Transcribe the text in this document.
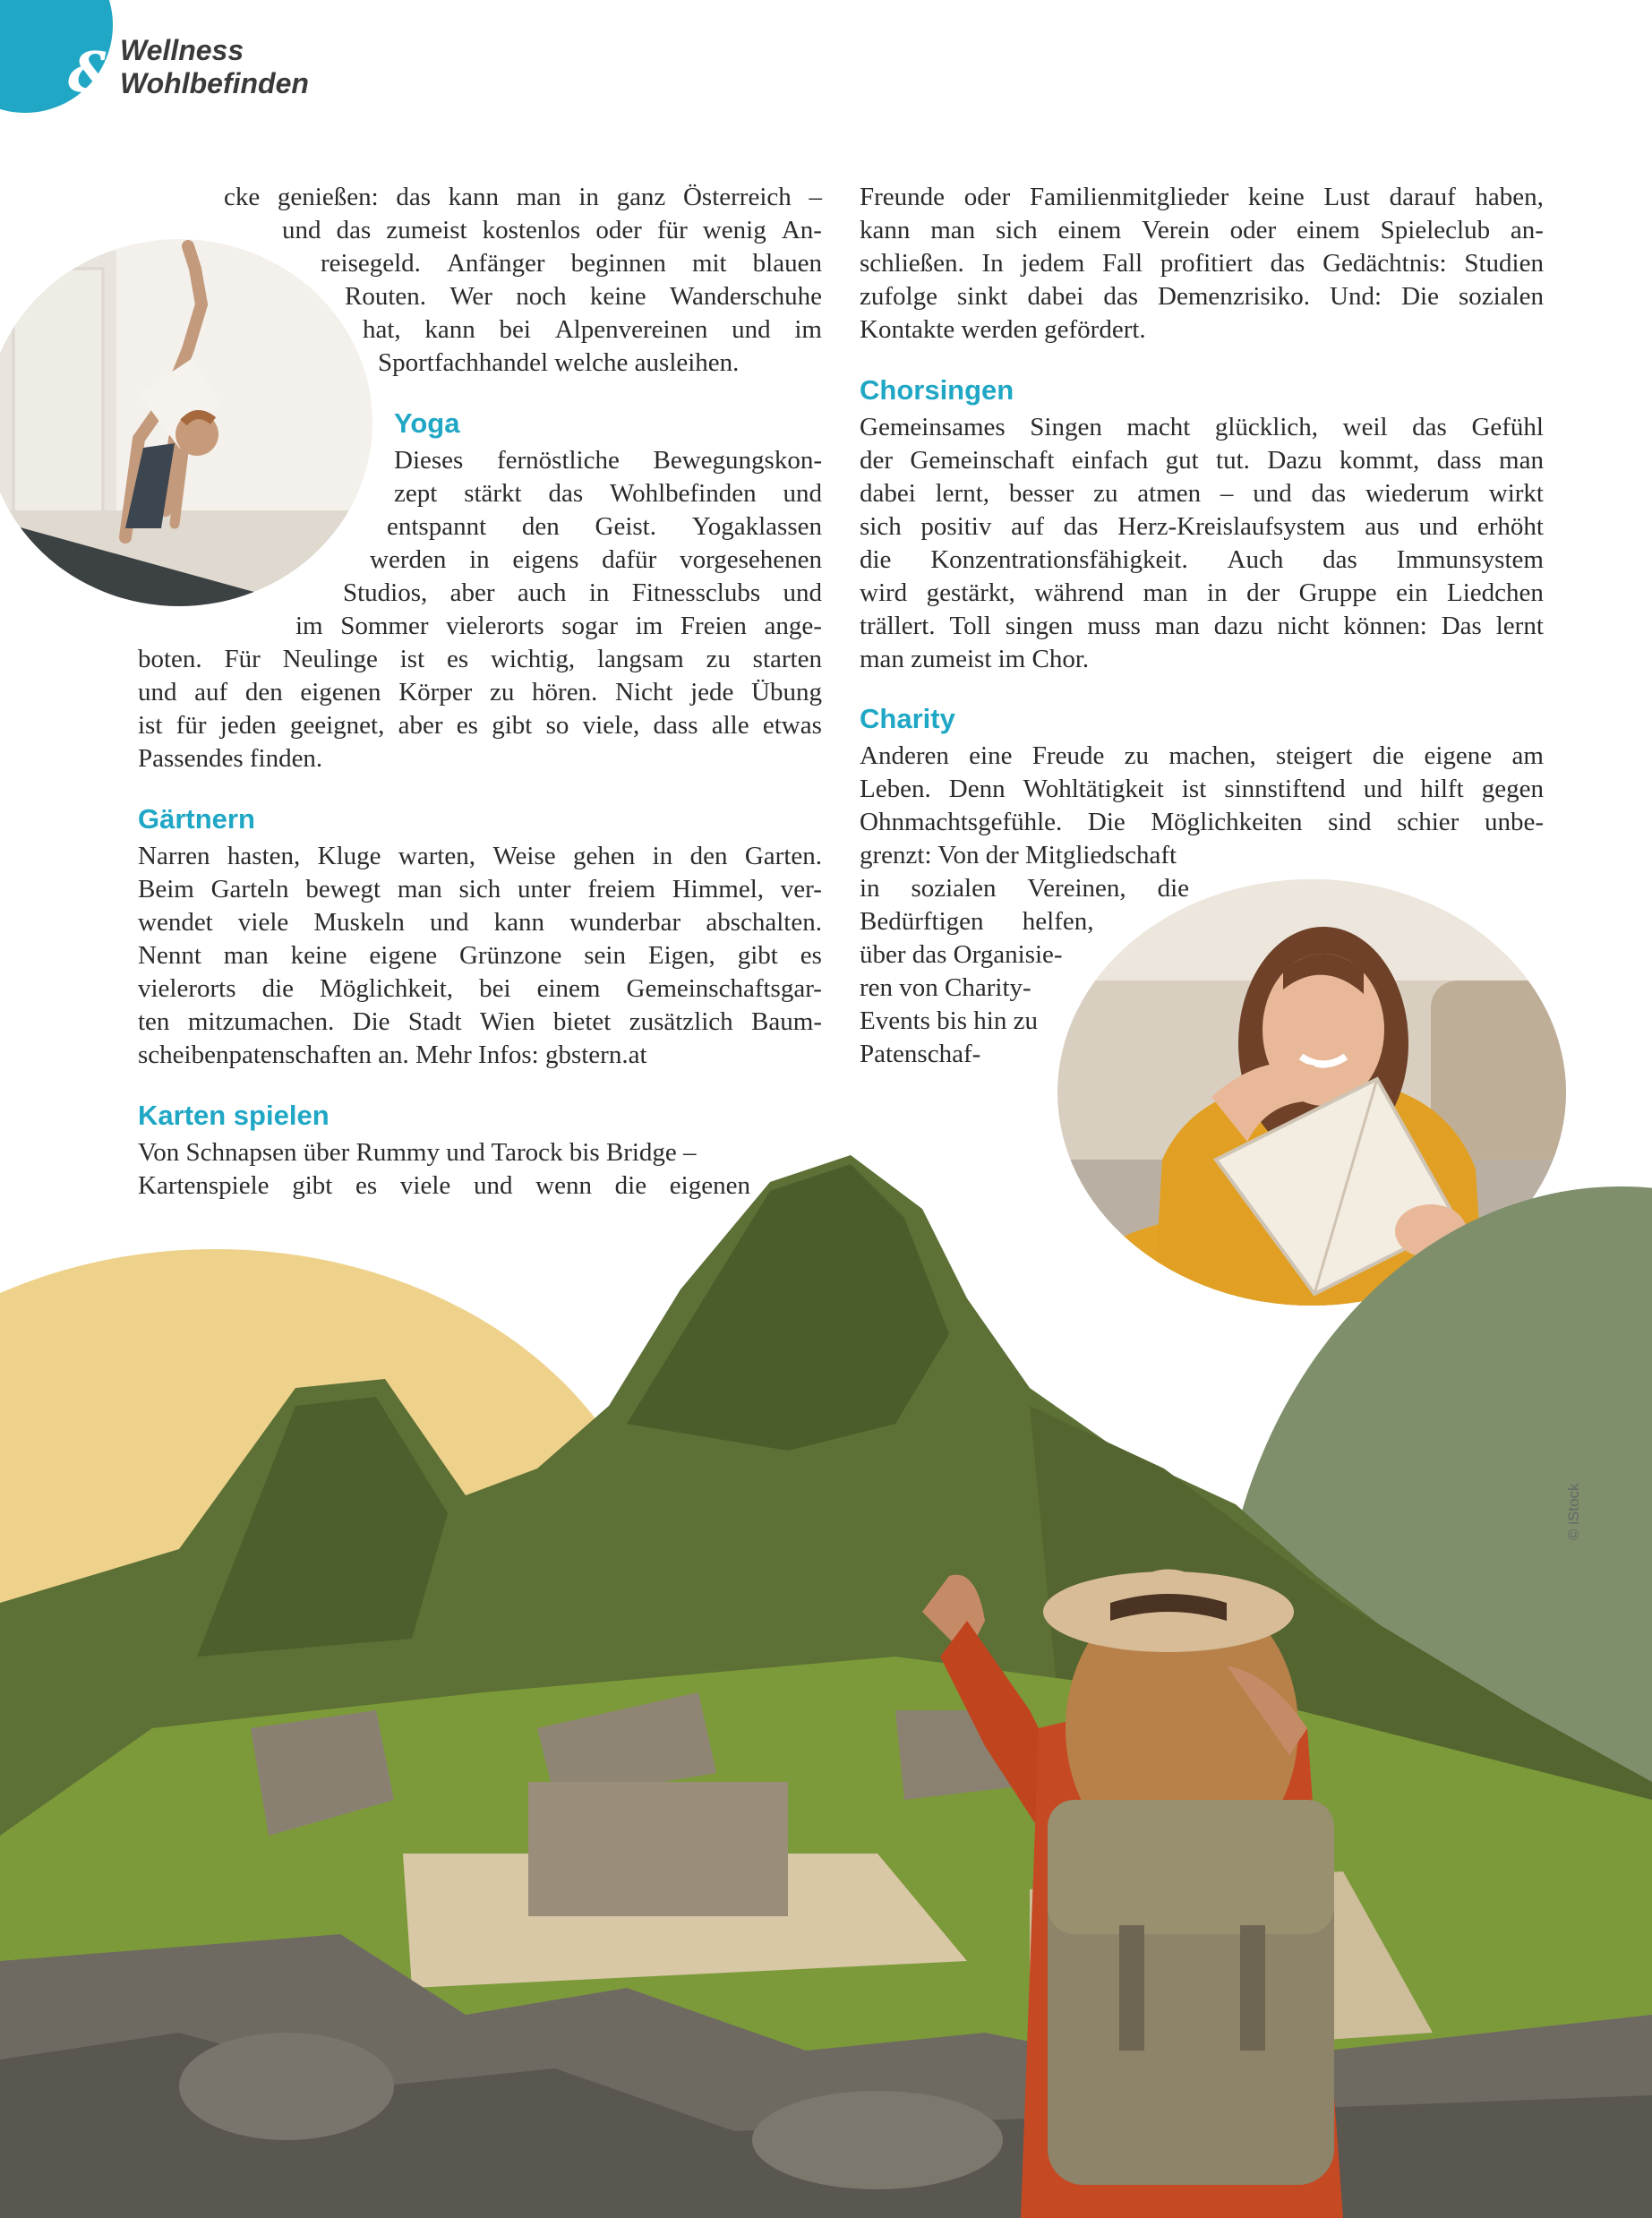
& Wellness
Wohlbefinden
cke genießen: das kann man in ganz Österreich –
und das zumeist kostenlos oder für wenig An-
reisegeld. Anfänger beginnen mit blauen
Routen. Wer noch keine Wanderschuhe
hat, kann bei Alpenvereinen und im
Sportfachhandel welche ausleihen.
Yoga
Dieses fernöstliche Bewegungskon-
zept stärkt das Wohlbefinden und
entspannt den Geist. Yogaklassen
werden in eigens dafür vorgesehenen
Studios, aber auch in Fitnessclubs und
im Sommer vielerorts sogar im Freien ange-
boten. Für Neulinge ist es wichtig, langsam zu starten
und auf den eigenen Körper zu hören. Nicht jede Übung
ist für jeden geeignet, aber es gibt so viele, dass alle etwas
Passendes finden.
Gärtnern
Narren hasten, Kluge warten, Weise gehen in den Garten.
Beim Garteln bewegt man sich unter freiem Himmel, ver-
wendet viele Muskeln und kann wunderbar abschalten.
Nennt man keine eigene Grünzone sein Eigen, gibt es
vielerorts die Möglichkeit, bei einem Gemeinschaftsgar-
ten mitzumachen. Die Stadt Wien bietet zusätzlich Baum-
scheibenpatenschaften an. Mehr Infos: gbstern.at
Karten spielen
Von Schnapsen über Rummy und Tarock bis Bridge –
Kartenspiele gibt es viele und wenn die eigenen
Freunde oder Familienmitglieder keine Lust darauf haben,
kann man sich einem Verein oder einem Spieleclub an-
schließen. In jedem Fall profitiert das Gedächtnis: Studien
zufolge sinkt dabei das Demenzrisiko. Und: Die sozialen
Kontakte werden gefördert.
Chorsingen
Gemeinsames Singen macht glücklich, weil das Gefühl
der Gemeinschaft einfach gut tut. Dazu kommt, dass man
dabei lernt, besser zu atmen – und das wiederum wirkt
sich positiv auf das Herz-Kreislaufsystem aus und erhöht
die Konzentrationsfähigkeit. Auch das Immunsystem
wird gestärkt, während man in der Gruppe ein Liedchen
trällert. Toll singen muss man dazu nicht können: Das lernt
man zumeist im Chor.
Charity
Anderen eine Freude zu machen, steigert die eigene am
Leben. Denn Wohltätigkeit ist sinnstiftend und hilft gegen
Ohnmachtsgefühle. Die Möglichkeiten sind schier unbe-
grenzt: Von der Mitgliedschaft
in sozialen Vereinen, die
Bedürftigen helfen,
über das Organisie-
ren von Charity-
Events bis hin zu
Patenschaf-
© iStock
